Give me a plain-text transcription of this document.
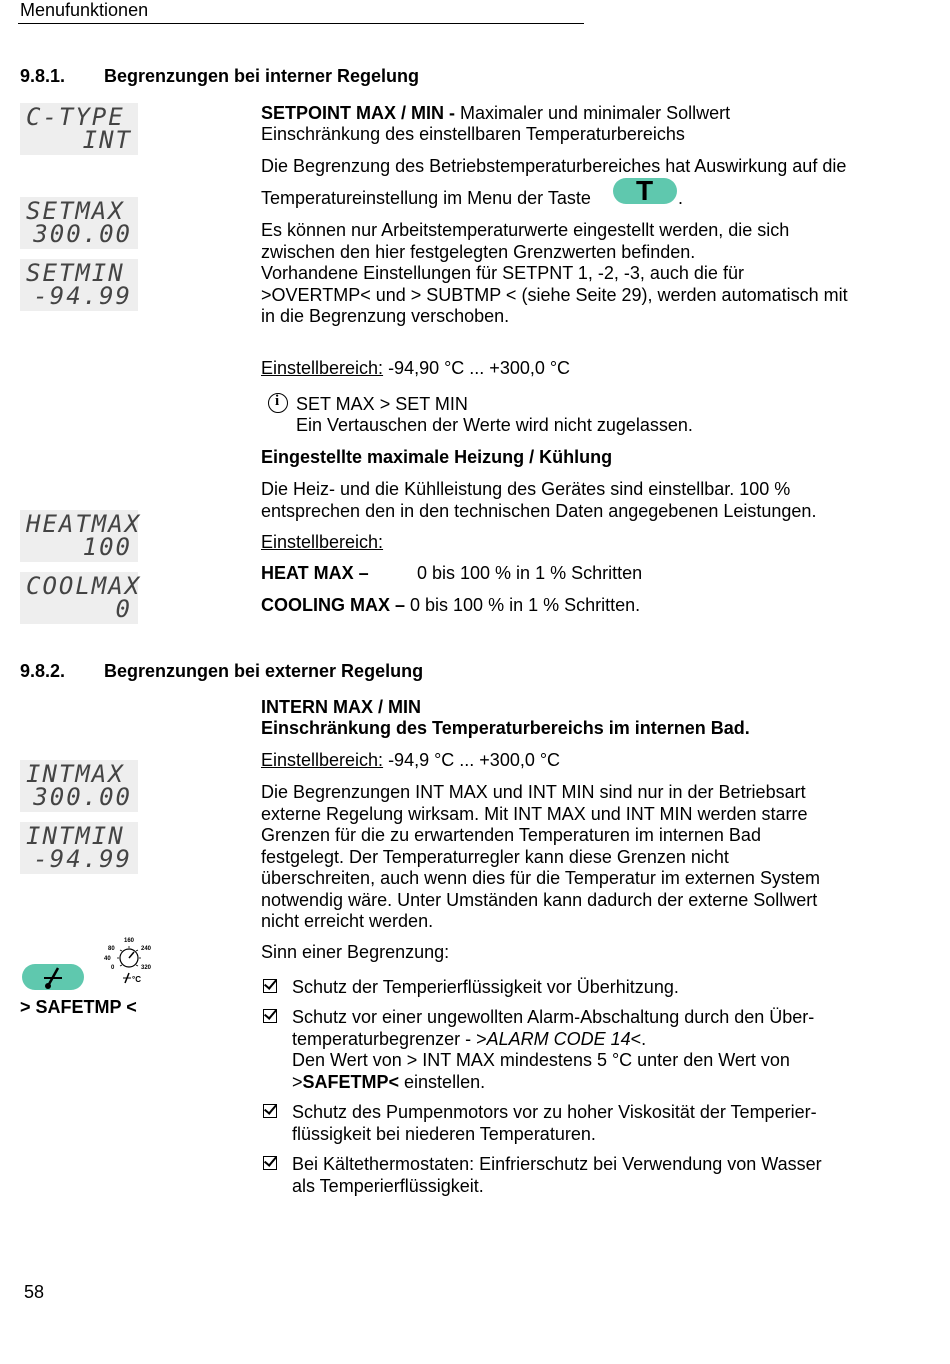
Menufunktionen
9.8.1. Begrenzungen bei interner Regelung
C-TYPE
INT
SETMAX
300.00
SETMIN
-94.99
HEATMAX
100
COOLMAX
0
SETPOINT MAX / MIN - Maximaler und minimaler Sollwert
Einschränkung des einstellbaren Temperaturbereichs
Die Begrenzung des Betriebstemperaturbereiches hat Auswirkung auf die
Temperatureinstellung im Menu der Taste T .
Es können nur Arbeitstemperaturwerte eingestellt werden, die sich
zwischen den hier festgelegten Grenzwerten befinden.
Vorhandene Einstellungen für SETPNT 1, -2, -3, auch die für
>OVERTMP< und > SUBTMP < (siehe Seite 29), werden automatisch mit
in die Begrenzung verschoben.
Einstellbereich: -94,90 °C ... +300,0 °C
i SET MAX > SET MIN
Ein Vertauschen der Werte wird nicht zugelassen.
Eingestellte maximale Heizung / Kühlung
Die Heiz- und die Kühlleistung des Gerätes sind einstellbar. 100 %
entsprechen den in den technischen Daten angegebenen Leistungen.
Einstellbereich:
HEAT MAX –	0 bis 100 % in 1 % Schritten
COOLING MAX – 0 bis 100 % in 1 % Schritten.
9.8.2. Begrenzungen bei externer Regelung
INTMAX
300.00
INTMIN
-94.99
INTERN MAX / MIN
Einschränkung des Temperaturbereichs im internen Bad.
Einstellbereich: -94,9 °C ... +300,0 °C
Die Begrenzungen INT MAX und INT MIN sind nur in der Betriebsart
externe Regelung wirksam. Mit INT MAX und INT MIN werden starre
Grenzen für die zu erwartenden Temperaturen im internen Bad
festgelegt. Der Temperaturregler kann diese Grenzen nicht
überschreiten, auch wenn dies für die Temperatur im externen System
notwendig wäre. Unter Umständen kann dadurch der externe Sollwert
nicht erreicht werden.
Sinn einer Begrenzung:
160
80	240
40
0	320
°C
> SAFETMP <
Schutz der Temperierflüssigkeit vor Überhitzung.
Schutz vor einer ungewollten Alarm-Abschaltung durch den Über-
temperaturbegrenzer - >ALARM CODE 14<.
Den Wert von > INT MAX mindestens 5 °C unter den Wert von
>SAFETMP< einstellen.
Schutz des Pumpenmotors vor zu hoher Viskosität der Temperier-
flüssigkeit bei niederen Temperaturen.
Bei Kältethermostaten: Einfrierschutz bei Verwendung von Wasser
als Temperierflüssigkeit.
58
